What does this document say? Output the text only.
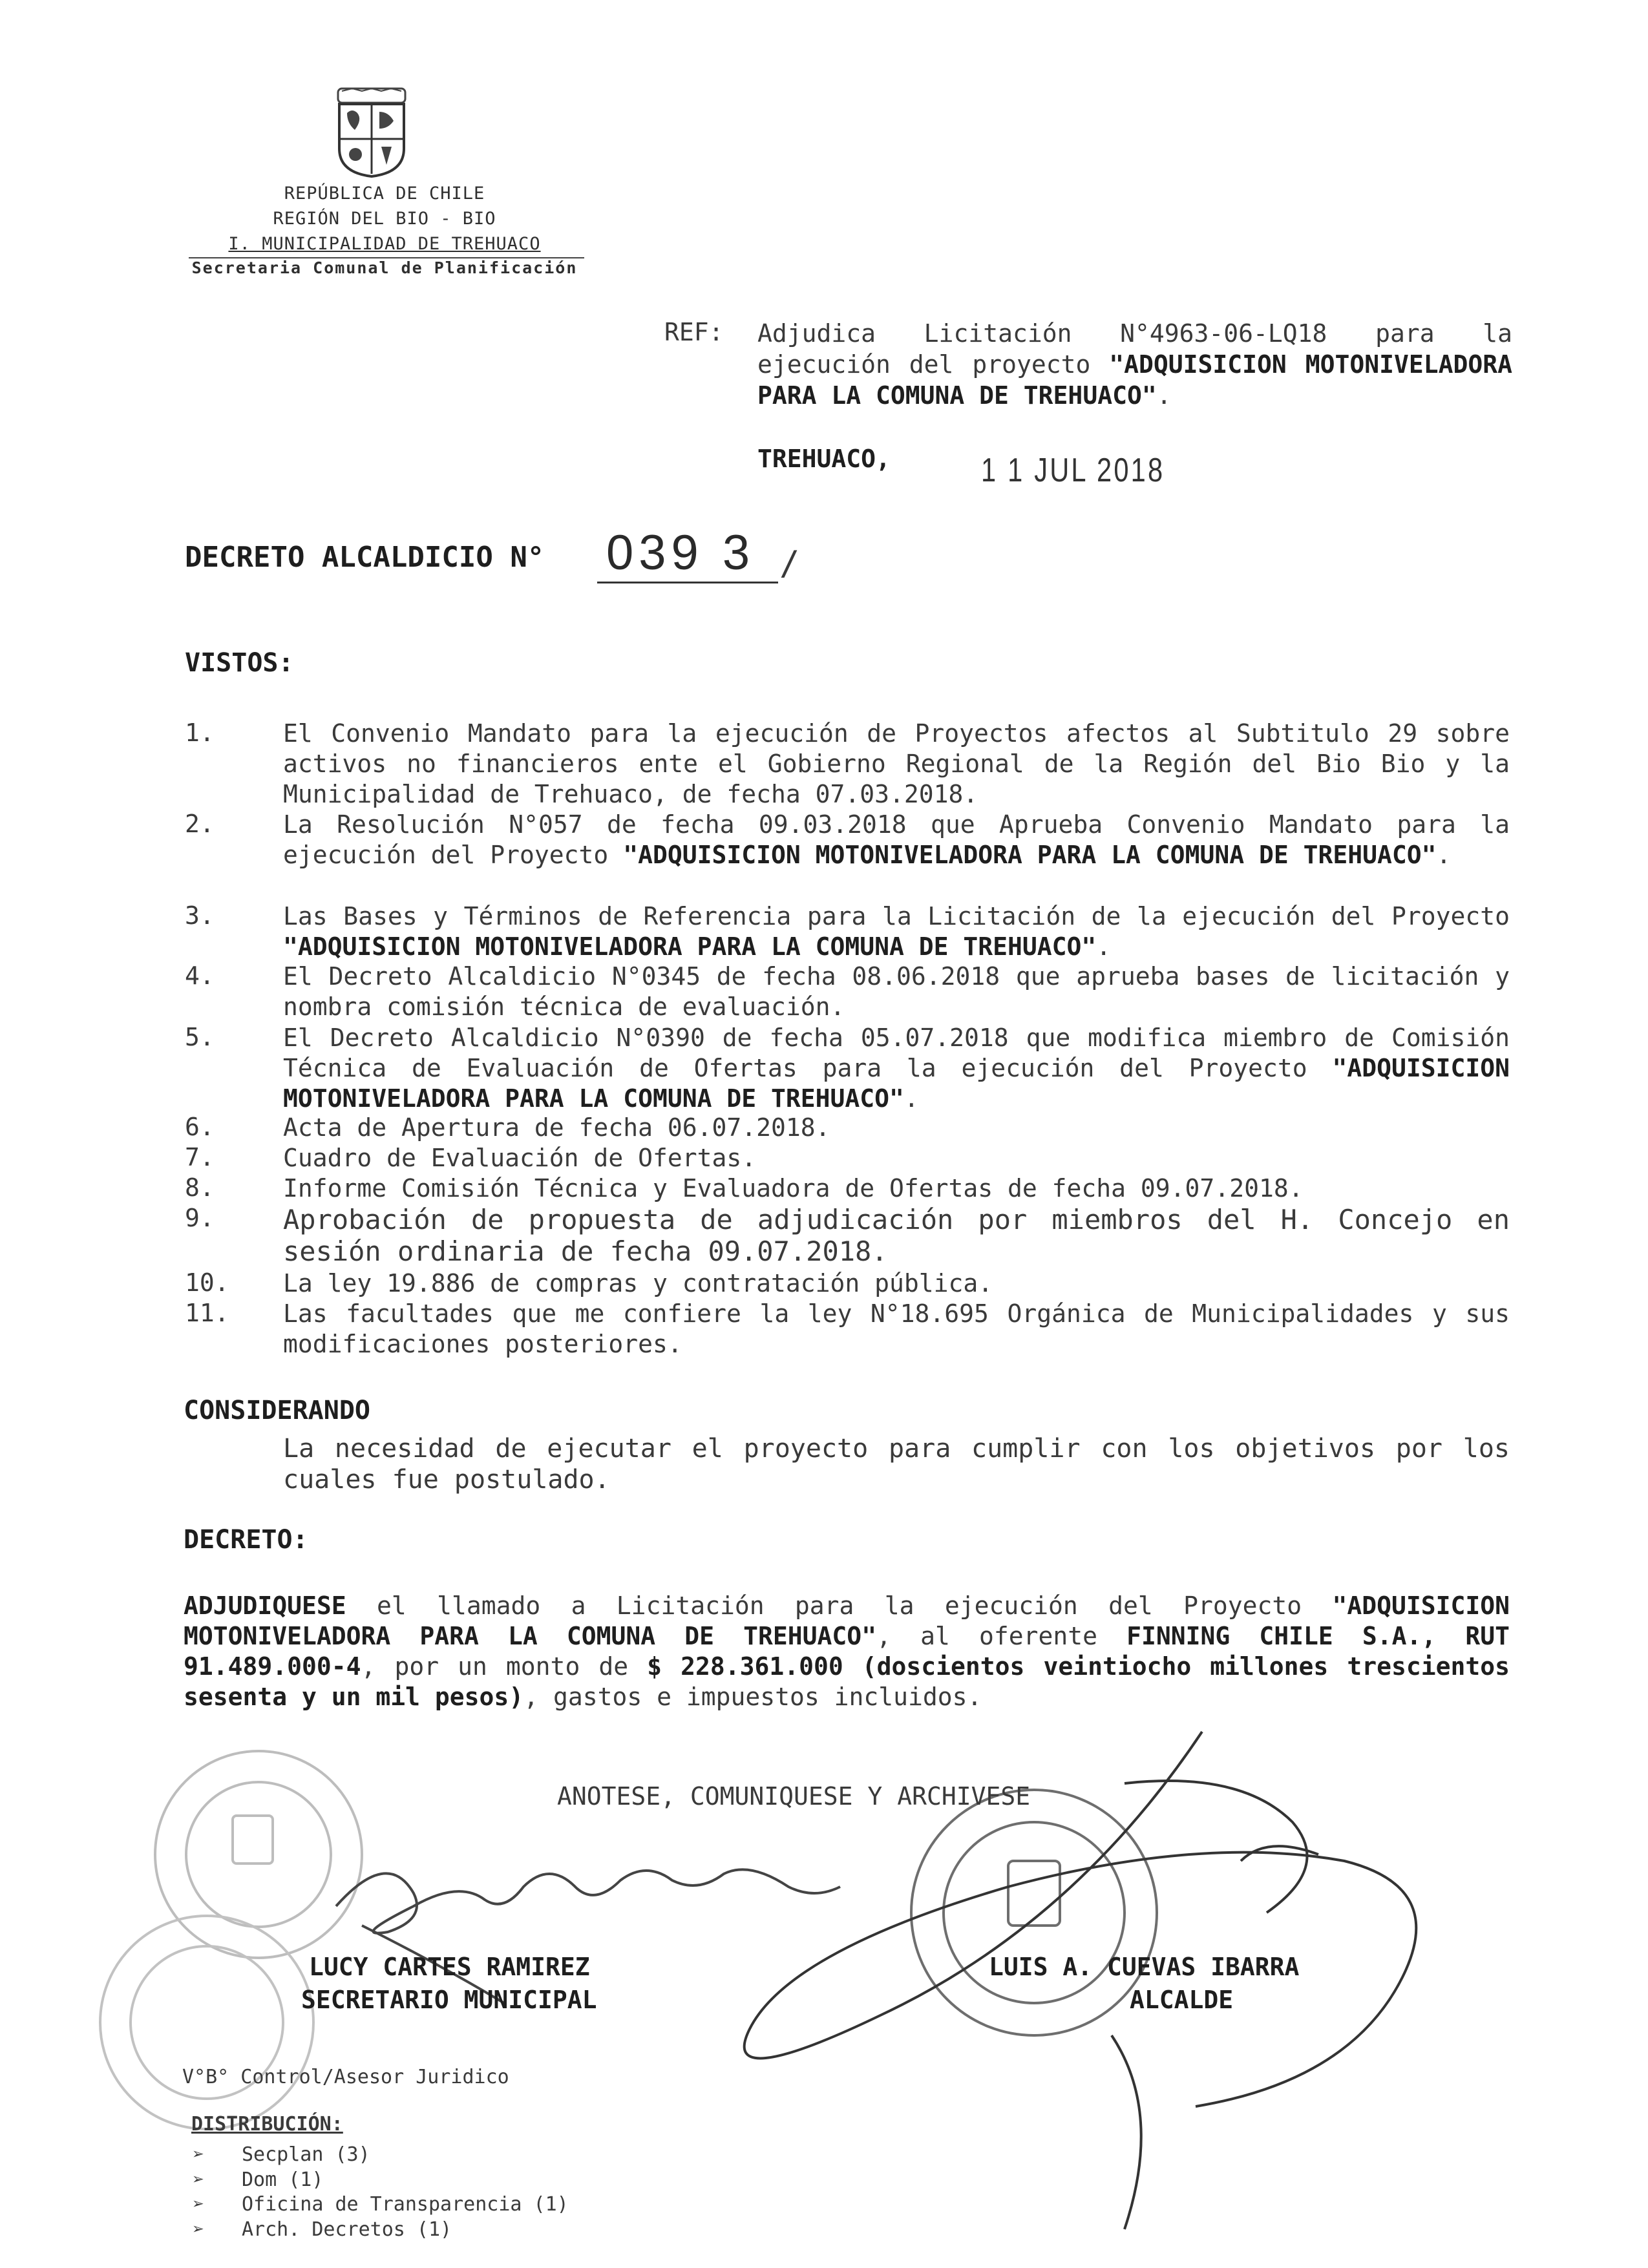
REPÚBLICA DE CHILE
REGIÓN DEL BIO - BIO
I. MUNICIPALIDAD DE TREHUACO
Secretaria Comunal de Planificación
REF: Adjudica Licitación N°4963-06-LQ18 para la ejecución del proyecto "ADQUISICION MOTONIVELADORA PARA LA COMUNA DE TREHUACO".
TREHUACO,	1 1 JUL 2018
DECRETO ALCALDICIO N° 039 3 /
VISTOS:
1.	El Convenio Mandato para la ejecución de Proyectos afectos al Subtitulo 29 sobre activos no financieros ente el Gobierno Regional de la Región del Bio Bio y la Municipalidad de Trehuaco, de fecha 07.03.2018.
2.	La Resolución N°057 de fecha 09.03.2018 que Aprueba Convenio Mandato para la ejecución del Proyecto "ADQUISICION MOTONIVELADORA PARA LA COMUNA DE TREHUACO".
3.	Las Bases y Términos de Referencia para la Licitación de la ejecución del Proyecto "ADQUISICION MOTONIVELADORA PARA LA COMUNA DE TREHUACO".
4.	El Decreto Alcaldicio N°0345 de fecha 08.06.2018 que aprueba bases de licitación y nombra comisión técnica de evaluación.
5.	El Decreto Alcaldicio N°0390 de fecha 05.07.2018 que modifica miembro de Comisión Técnica de Evaluación de Ofertas para la ejecución del Proyecto "ADQUISICION MOTONIVELADORA PARA LA COMUNA DE TREHUACO".
6.	Acta de Apertura de fecha 06.07.2018.
7.	Cuadro de Evaluación de Ofertas.
8.	Informe Comisión Técnica y Evaluadora de Ofertas de fecha 09.07.2018.
9.	Aprobación de propuesta de adjudicación por miembros del H. Concejo en sesión ordinaria de fecha 09.07.2018.
10.	La ley 19.886 de compras y contratación pública.
11.	Las facultades que me confiere la ley N°18.695 Orgánica de Municipalidades y sus modificaciones posteriores.
CONSIDERANDO
La necesidad de ejecutar el proyecto para cumplir con los objetivos por los cuales fue postulado.
DECRETO:
ADJUDIQUESE el llamado a Licitación para la ejecución del Proyecto "ADQUISICION MOTONIVELADORA PARA LA COMUNA DE TREHUACO", al oferente FINNING CHILE S.A., RUT 91.489.000-4, por un monto de $ 228.361.000 (doscientos veintiocho millones trescientos sesenta y un mil pesos), gastos e impuestos incluidos.
ANOTESE, COMUNIQUESE Y ARCHIVESE
LUCY CARTES RAMIREZ
SECRETARIO MUNICIPAL
LUIS A. CUEVAS IBARRA
ALCALDE
V°B° Control/Asesor Juridico
DISTRIBUCIÓN:
➢ Secplan (3)
➢ Dom (1)
➢ Oficina de Transparencia (1)
➢ Arch. Decretos (1)
